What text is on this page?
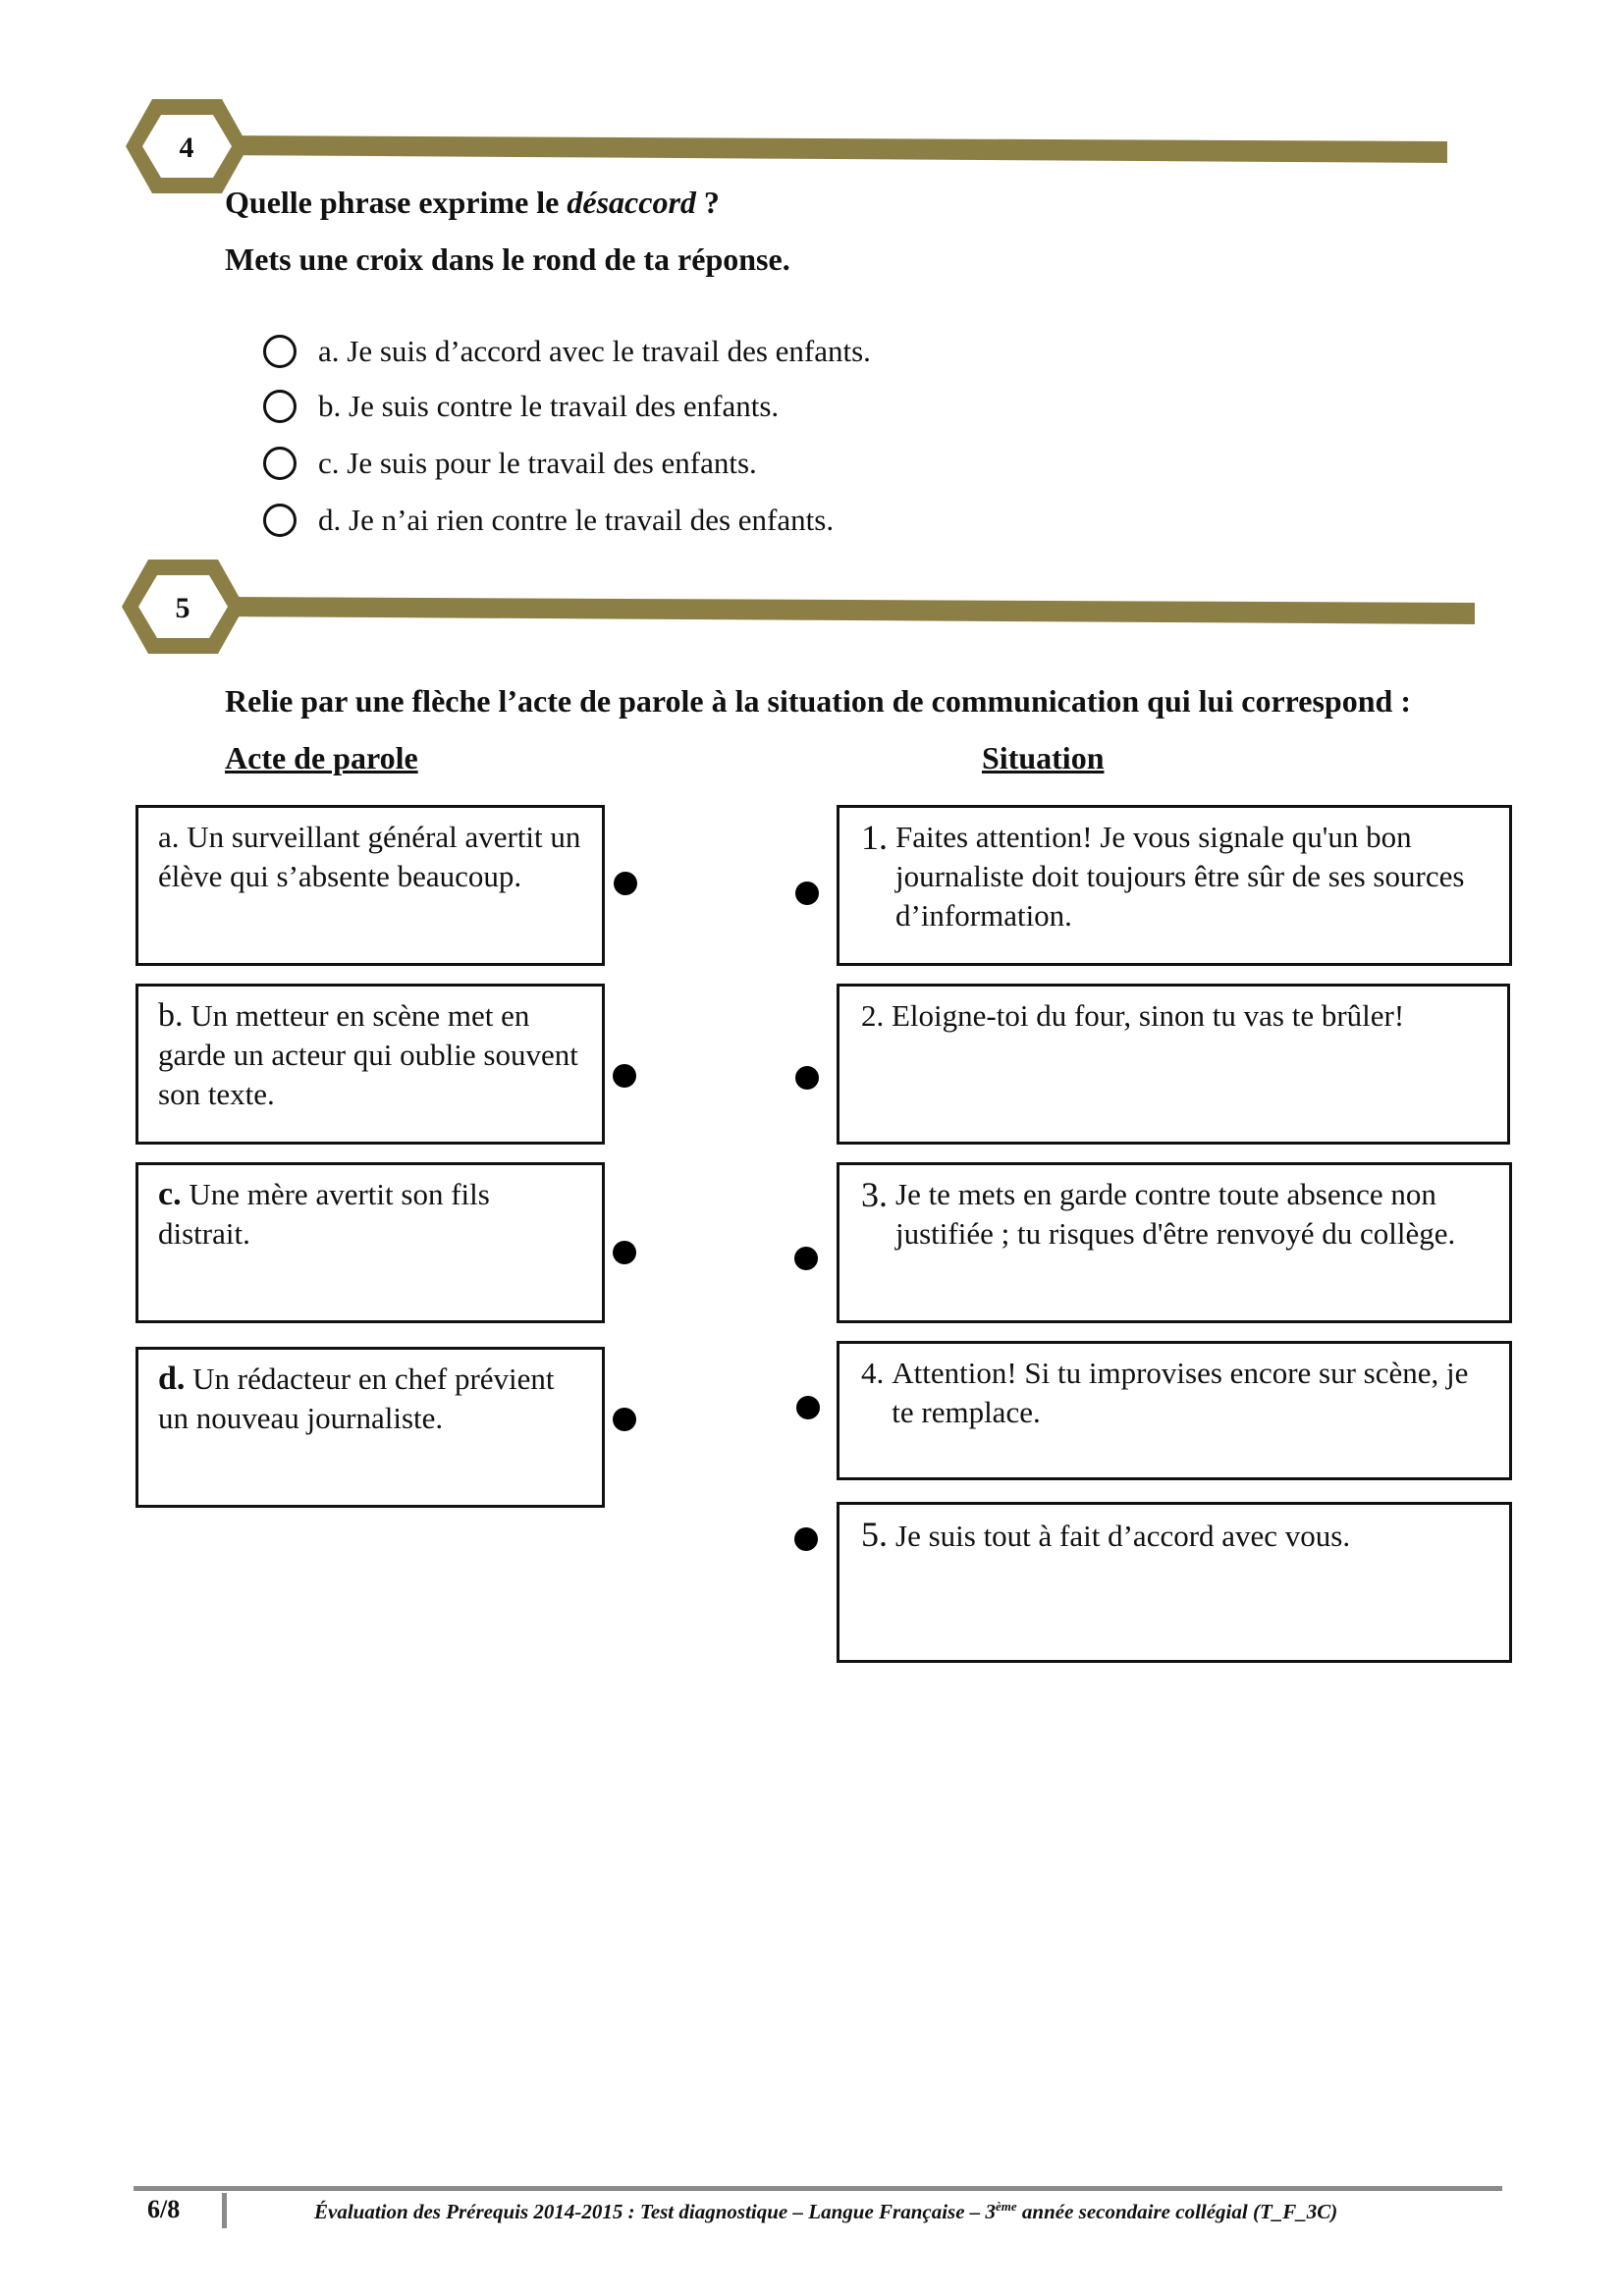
4
Quelle phrase exprime le désaccord ?
Mets une croix dans le rond de ta réponse.
a. Je suis d’accord avec le travail des enfants.
b. Je suis contre le travail des enfants.
c. Je suis pour le travail des enfants.
d. Je n’ai rien contre le travail des enfants.
5
Relie par une flèche l’acte de parole à la situation de communication qui lui correspond :
Acte de parole	Situation
a. Un surveillant général avertit un élève qui s’absente beaucoup.
b. Un metteur en scène met en garde un acteur qui oublie souvent son texte.
c. Une mère avertit son fils distrait.
d. Un rédacteur en chef prévient un nouveau journaliste.
1. Faites attention! Je vous signale qu'un bon journaliste doit toujours être sûr de ses sources d’information.
2. Eloigne-toi du four, sinon tu vas te brûler!
3. Je te mets en garde contre toute absence non justifiée ; tu risques d'être renvoyé du collège.
4. Attention! Si tu improvises encore sur scène, je te remplace.
5. Je suis tout à fait d’accord avec vous.
6/8	Évaluation des Prérequis 2014-2015 : Test diagnostique – Langue Française – 3ème année secondaire collégial (T_F_3C)
